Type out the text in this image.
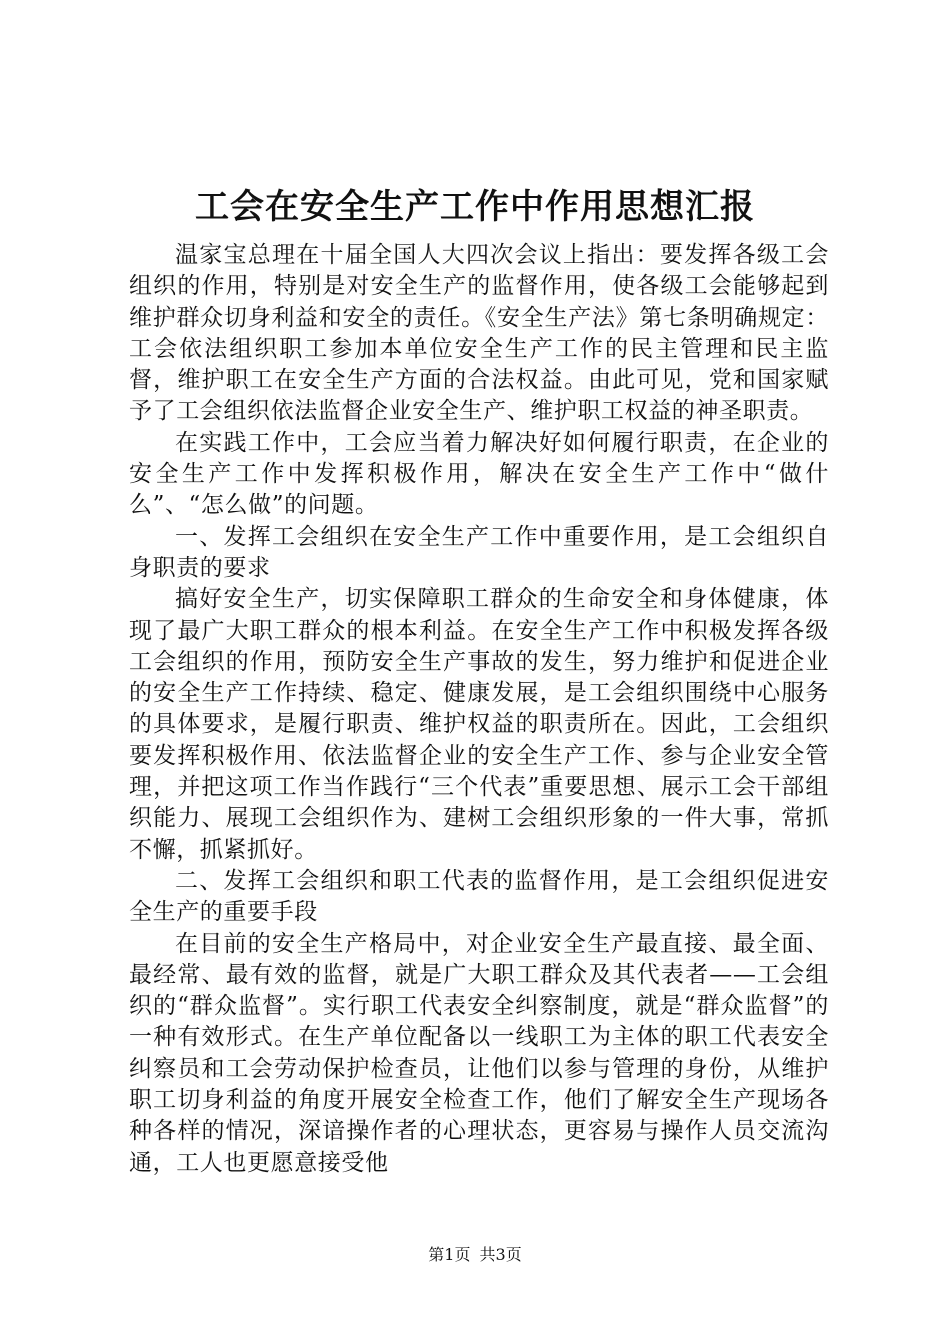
工会在安全生产工作中作用思想汇报

温家宝总理在十届全国人大四次会议上指出：要发挥各级工会组织的作用，特别是对安全生产的监督作用，使各级工会能够起到维护群众切身利益和安全的责任。《安全生产法》第七条明确规定：工会依法组织职工参加本单位安全生产工作的民主管理和民主监督，维护职工在安全生产方面的合法权益。由此可见，党和国家赋予了工会组织依法监督企业安全生产、维护职工权益的神圣职责。

在实践工作中，工会应当着力解决好如何履行职责，在企业的安全生产工作中发挥积极作用，解决在安全生产工作中“做什么”、“怎么做”的问题。

一、发挥工会组织在安全生产工作中重要作用，是工会组织自身职责的要求

搞好安全生产，切实保障职工群众的生命安全和身体健康，体现了最广大职工群众的根本利益。在安全生产工作中积极发挥各级工会组织的作用，预防安全生产事故的发生，努力维护和促进企业的安全生产工作持续、稳定、健康发展，是工会组织围绕中心服务的具体要求，是履行职责、维护权益的职责所在。因此，工会组织要发挥积极作用、依法监督企业的安全生产工作、参与企业安全管理，并把这项工作当作践行“三个代表”重要思想、展示工会干部组织能力、展现工会组织作为、建树工会组织形象的一件大事，常抓不懈，抓紧抓好。

二、发挥工会组织和职工代表的监督作用，是工会组织促进安全生产的重要手段

在目前的安全生产格局中，对企业安全生产最直接、最全面、最经常、最有效的监督，就是广大职工群众及其代表者——工会组织的“群众监督”。实行职工代表安全纠察制度，就是“群众监督”的一种有效形式。在生产单位配备以一线职工为主体的职工代表安全纠察员和工会劳动保护检查员，让他们以参与管理的身份，从维护职工切身利益的角度开展安全检查工作，他们了解安全生产现场各种各样的情况，深谙操作者的心理状态，更容易与操作人员交流沟通，工人也更愿意接受他

第1页 共3页
